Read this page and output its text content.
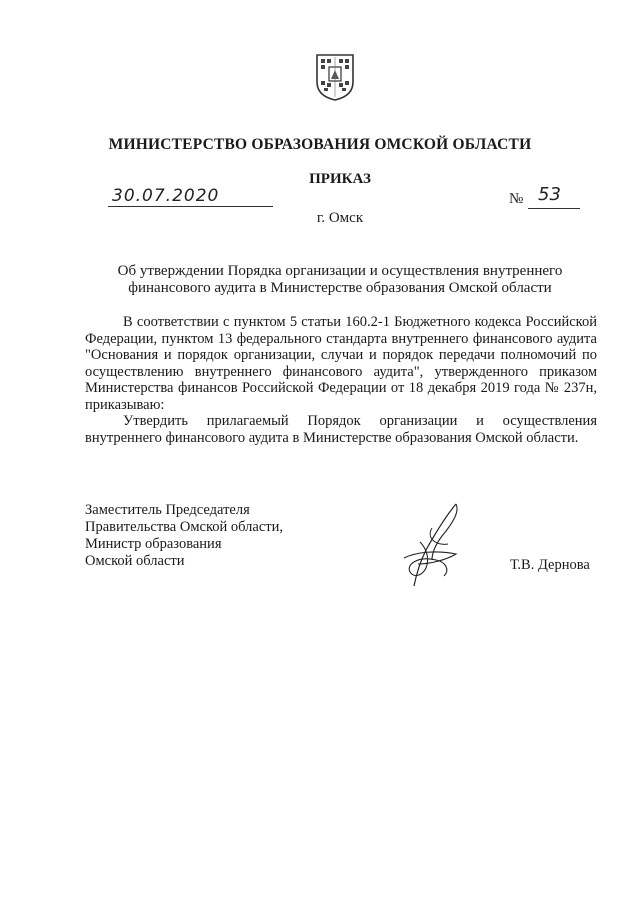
МИНИСТЕРСТВО ОБРАЗОВАНИЯ ОМСКОЙ ОБЛАСТИ
ПРИКАЗ
30.07.2020	№ 53
г. Омск
Об утверждении Порядка организации и осуществления внутреннего
финансового аудита в Министерстве образования Омской области

В соответствии с пунктом 5 статьи 160.2-1 Бюджетного кодекса Российской Федерации, пунктом 13 федерального стандарта внутреннего финансового аудита "Основания и порядок организации, случаи и порядок передачи полномочий по осуществлению внутреннего финансового аудита", утвержденного приказом Министерства финансов Российской Федерации от 18 декабря 2019 года № 237н, приказываю:

Утвердить прилагаемый Порядок организации и осуществления внутреннего финансового аудита в Министерстве образования Омской области.

Заместитель Председателя
Правительства Омской области,
Министр образования
Омской области	Т.В. Дернова
